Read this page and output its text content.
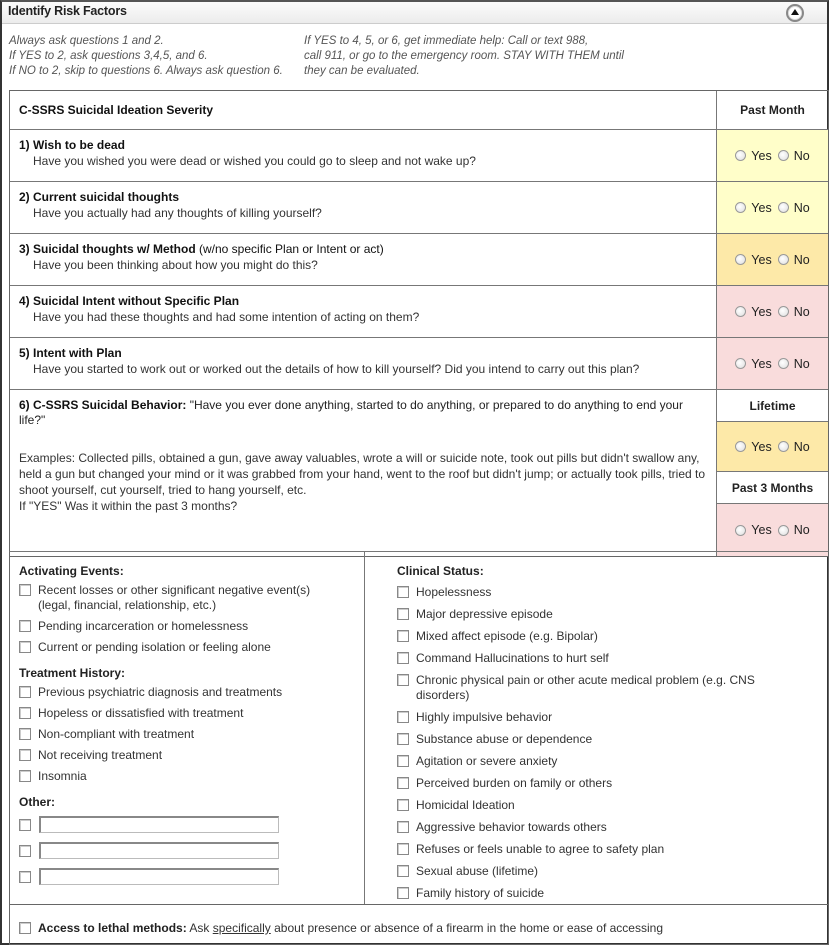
Identify Risk Factors
Always ask questions 1 and 2.
If YES to 2, ask questions 3,4,5, and 6.
If NO to 2, skip to questions 6. Always ask question 6.
If YES to 4, 5, or 6, get immediate help: Call or text 988,
call 911, or go to the emergency room. STAY WITH THEM until
they can be evaluated.
C-SSRS Suicidal Ideation Severity	Past Month
1) Wish to be dead
Have you wished you were dead or wished you could go to sleep and not wake up?	Yes No
2) Current suicidal thoughts
Have you actually had any thoughts of killing yourself?	Yes No
3) Suicidal thoughts w/ Method (w/no specific Plan or Intent or act)
Have you been thinking about how you might do this?	Yes No
4) Suicidal Intent without Specific Plan
Have you had these thoughts and had some intention of acting on them?	Yes No
5) Intent with Plan
Have you started to work out or worked out the details of how to kill yourself? Did you intend to carry out this plan?	Yes No
6) C-SSRS Suicidal Behavior: "Have you ever done anything, started to do anything, or prepared to do anything to end your life?"
Examples: Collected pills, obtained a gun, gave away valuables, wrote a will or suicide note, took out pills but didn't swallow any, held a gun but changed your mind or it was grabbed from your hand, went to the roof but didn't jump; or actually took pills, tried to shoot yourself, cut yourself, tried to hang yourself, etc.
If "YES" Was it within the past 3 months?
Lifetime
Yes No
Past 3 Months
Yes No
Activating Events:
Recent losses or other significant negative event(s) (legal, financial, relationship, etc.)
Pending incarceration or homelessness
Current or pending isolation or feeling alone
Treatment History:
Previous psychiatric diagnosis and treatments
Hopeless or dissatisfied with treatment
Non-compliant with treatment
Not receiving treatment
Insomnia
Other:
Clinical Status:
Hopelessness
Major depressive episode
Mixed affect episode (e.g. Bipolar)
Command Hallucinations to hurt self
Chronic physical pain or other acute medical problem (e.g. CNS disorders)
Highly impulsive behavior
Substance abuse or dependence
Agitation or severe anxiety
Perceived burden on family or others
Homicidal Ideation
Aggressive behavior towards others
Refuses or feels unable to agree to safety plan
Sexual abuse (lifetime)
Family history of suicide
Access to lethal methods: Ask specifically about presence or absence of a firearm in the home or ease of accessing
